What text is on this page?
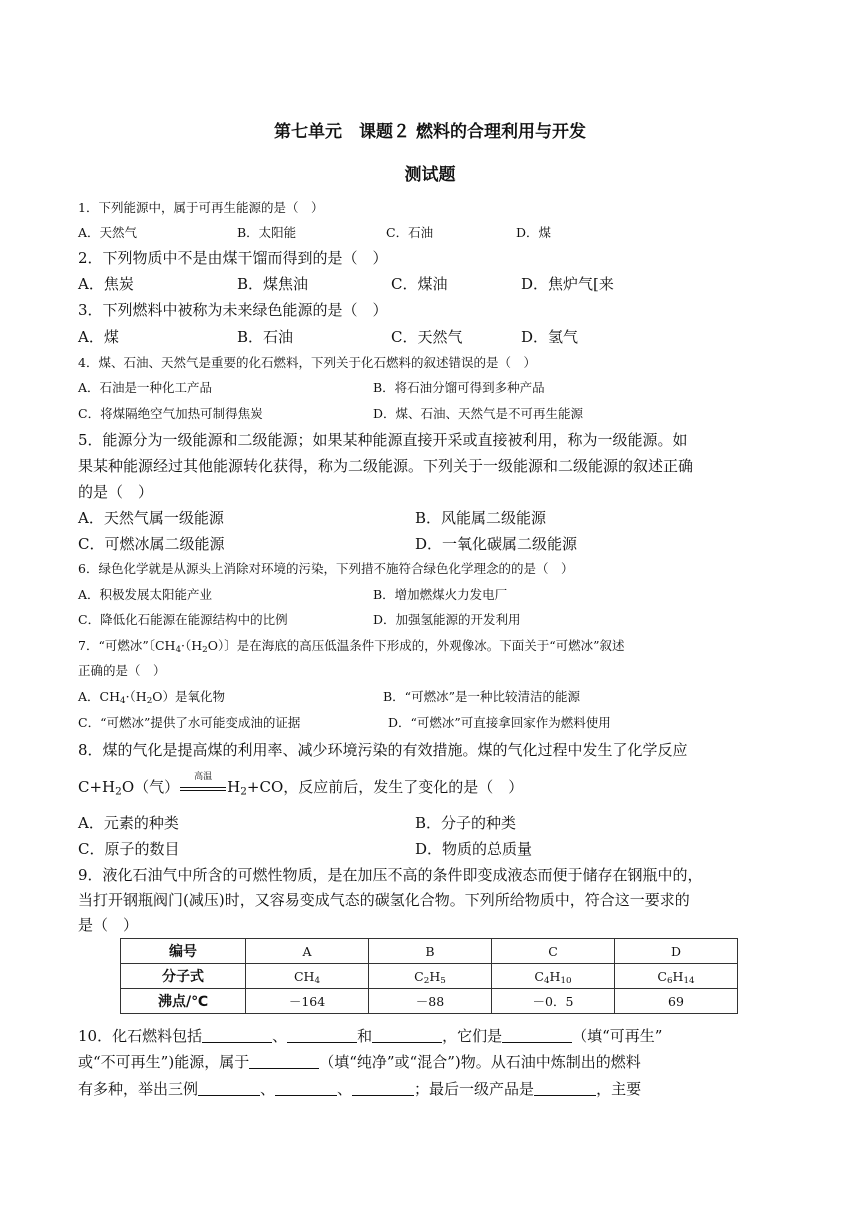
第七单元　课题２ 燃料的合理利用与开发
测试题
1．下列能源中，属于可再生能源的是（　）
A．天然气	B．太阳能	C．石油	D．煤
2．下列物质中不是由煤干馏而得到的是（　）
A．焦炭	B．煤焦油	C．煤油	D．焦炉气[来
3．下列燃料中被称为未来绿色能源的是（　）
A．煤	B．石油	C．天然气	D．氢气
4．煤、石油、天然气是重要的化石燃料，下列关于化石燃料的叙述错误的是（　）
A．石油是一种化工产品	B．将石油分馏可得到多种产品
C．将煤隔绝空气加热可制得焦炭	D．煤、石油、天然气是不可再生能源
5．能源分为一级能源和二级能源；如果某种能源直接开采或直接被利用，称为一级能源。如
果某种能源经过其他能源转化获得，称为二级能源。下列关于一级能源和二级能源的叙述正确
的是（　）
A．天然气属一级能源	B．风能属二级能源
C．可燃冰属二级能源	D．一氧化碳属二级能源
6．绿色化学就是从源头上消除对环境的污染，下列措不施符合绿色化学理念的的是（　）
A．积极发展太阳能产业	B．增加燃煤火力发电厂
C．降低化石能源在能源结构中的比例	D．加强氢能源的开发利用
7．“可燃冰”〔$CH_4\cdot(H_2O)$〕是在海底的高压低温条件下形成的，外观像冰。下面关于“可燃冰”叙述
正确的是（　）
A．$CH_4\cdot(H_2O)$是氧化物	B．“可燃冰”是一种比较清洁的能源
C．“可燃冰”提供了水可能变成油的证据	D．“可燃冰”可直接拿回家作为燃料使用
8．煤的气化是提高煤的利用率、减少环境污染的有效措施。煤的气化过程中发生了化学反应
$C+H_2O$（气）
高温
$H_2+CO$，反应前后，发生了变化的是（　）
A．元素的种类	B．分子的种类
C．原子的数目	D．物质的总质量
9．液化石油气中所含的可燃性物质，是在加压不高的条件即变成液态而便于储存在钢瓶中的，
当打开钢瓶阀门(减压)时，又容易变成气态的碳氢化合物。下列所给物质中，符合这一要求的
是（　）
编号	A	B	C	D
分子式	$CH_4$	$C_2H_5$	$C_4H_{10}$	$C_6H_{14}$
沸点/℃	－164	－88	－0．5	69
10．化石燃料包括	、	和	，它们是	（填“可再生”
或“不可再生”)能源，属于	（填“纯净”或“混合”)物。从石油中炼制出的燃料
有多种，举出三例	、	、	；最后一级产品是	，主要
